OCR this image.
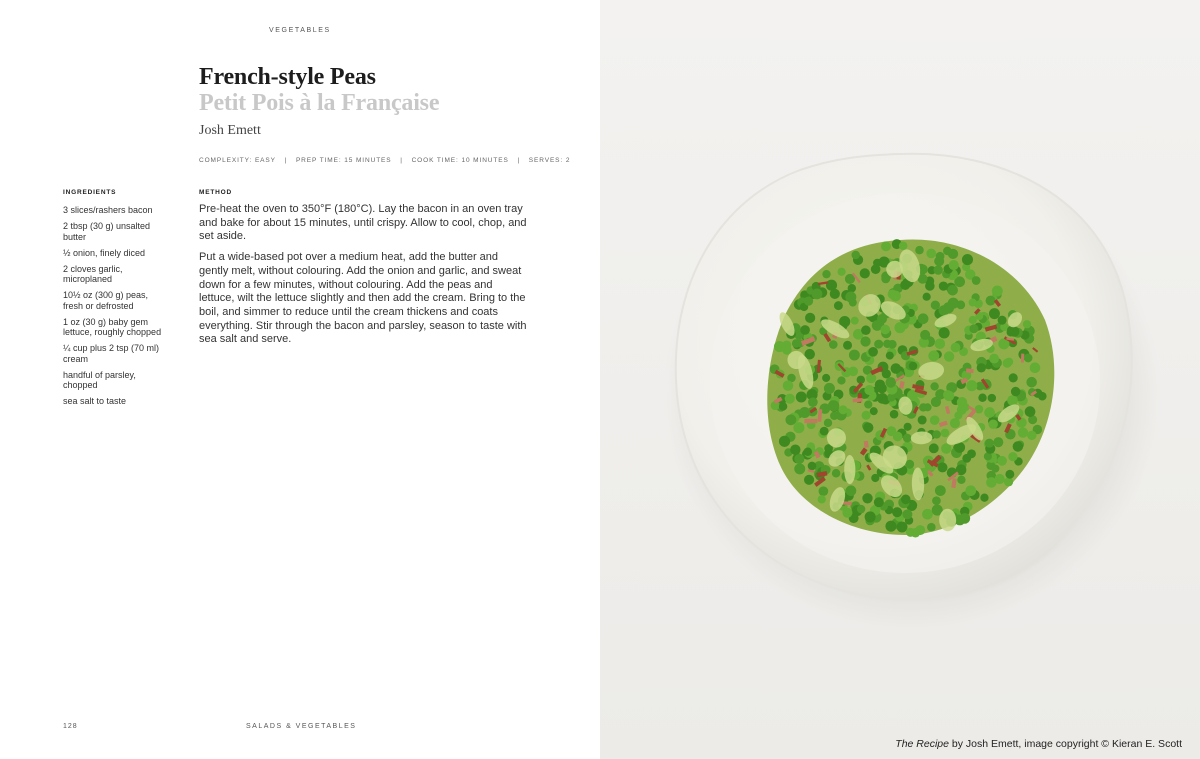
VEGETABLES
French-style Peas
Petit Pois à la Française
Josh Emett
COMPLEXITY: EASY | PREP TIME: 15 MINUTES | COOK TIME: 10 MINUTES | SERVES: 2
INGREDIENTS
3 slices/rashers bacon
2 tbsp (30 g) unsalted butter
½ onion, finely diced
2 cloves garlic, microplaned
10½ oz (300 g) peas, fresh or defrosted
1 oz (30 g) baby gem lettuce, roughly chopped
¼ cup plus 2 tsp (70 ml) cream
handful of parsley, chopped
sea salt to taste
METHOD

Pre-heat the oven to 350°F (180°C). Lay the bacon in an oven tray and bake for about 15 minutes, until crispy. Allow to cool, chop, and set aside.

Put a wide-based pot over a medium heat, add the butter and gently melt, without colouring. Add the onion and garlic, and sweat down for a few minutes, without colouring. Add the peas and lettuce, wilt the lettuce slightly and then add the cream. Bring to the boil, and simmer to reduce until the cream thickens and coats everything. Stir through the bacon and parsley, season to taste with sea salt and serve.

128	SALADS & VEGETABLES
The Recipe by Josh Emett, image copyright © Kieran E. Scott
